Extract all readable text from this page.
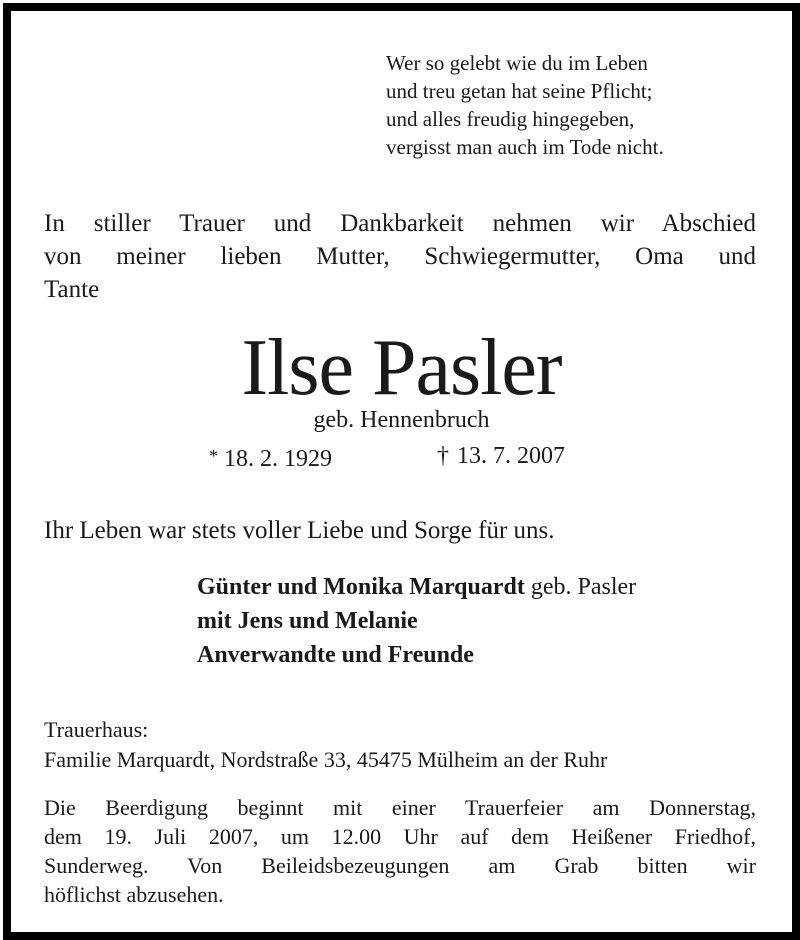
Wer so gelebt wie du im Leben
und treu getan hat seine Pflicht;
und alles freudig hingegeben,
vergisst man auch im Tode nicht.
In stiller Trauer und Dankbarkeit nehmen wir Abschied
von meiner lieben Mutter, Schwiegermutter, Oma und
Tante
Ilse Pasler
geb. Hennenbruch
* 18. 2. 1929	† 13. 7. 2007
Ihr Leben war stets voller Liebe und Sorge für uns.
Günter und Monika Marquardt geb. Pasler
mit Jens und Melanie
Anverwandte und Freunde
Trauerhaus:
Familie Marquardt, Nordstraße 33, 45475 Mülheim an der Ruhr
Die Beerdigung beginnt mit einer Trauerfeier am Donnerstag,
dem 19. Juli 2007, um 12.00 Uhr auf dem Heißener Friedhof,
Sunderweg. Von Beileidsbezeugungen am Grab bitten wir
höflichst abzusehen.
